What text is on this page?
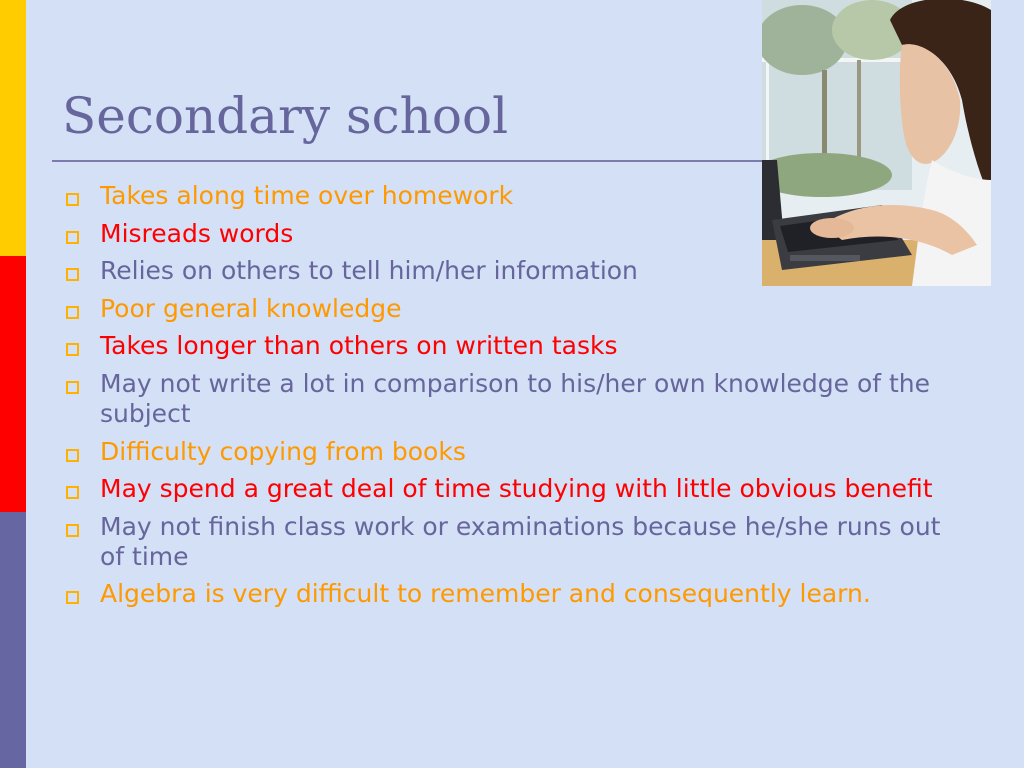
Secondary school
Takes along time over homework
Misreads words
Relies on others to tell him/her information
Poor general knowledge
Takes longer than others on written tasks
May not write a lot in comparison to his/her own knowledge of the subject
Difficulty copying from books
May spend a great deal of time studying with little obvious benefit
May not finish class work or examinations because he/she runs out of time
Algebra is very difficult to remember and consequently learn.
